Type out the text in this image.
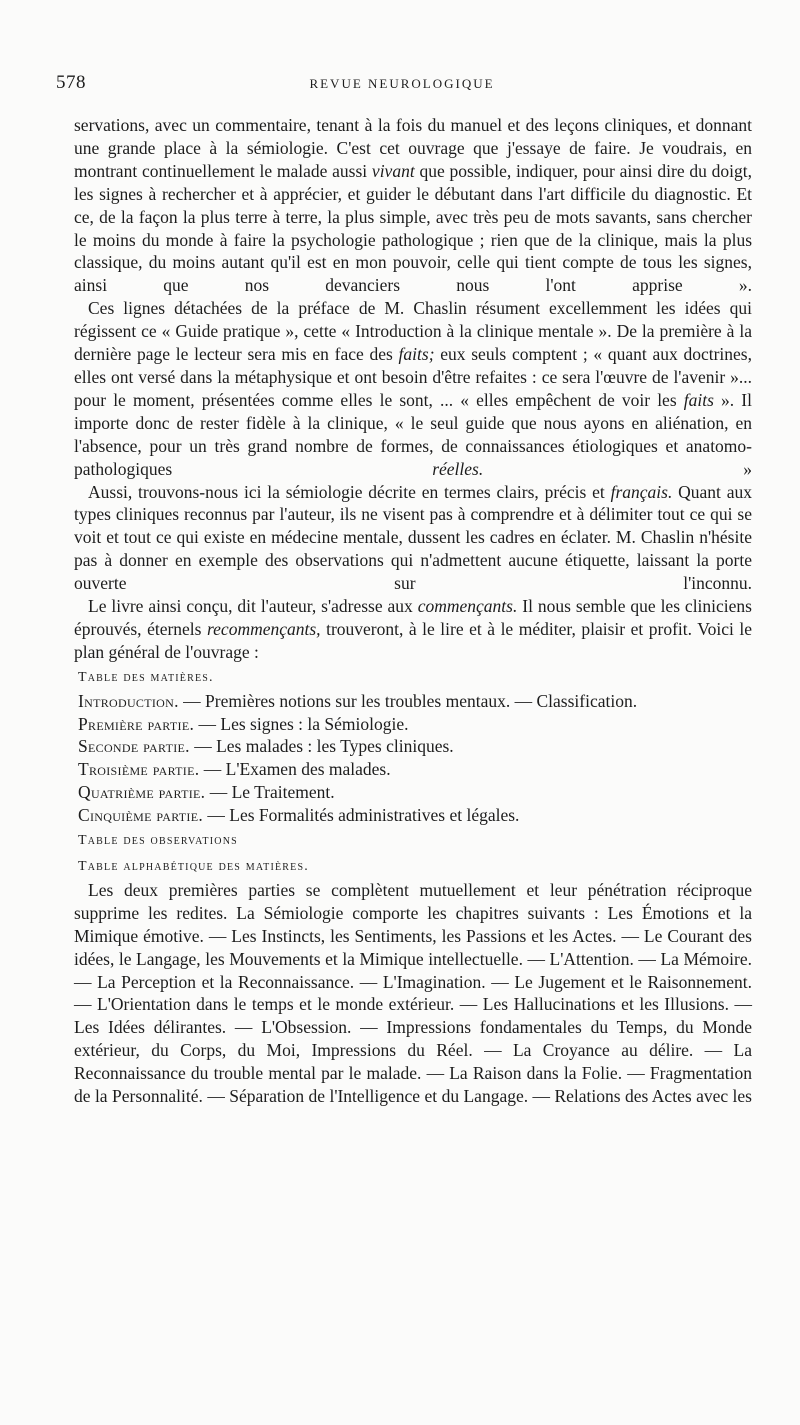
578	REVUE NEUROLOGIQUE

servations, avec un commentaire, tenant à la fois du manuel et des leçons cliniques, et donnant une grande place à la sémiologie. C'est cet ouvrage que j'essaye de faire. Je voudrais, en montrant continuellement le malade aussi vivant que possible, indiquer, pour ainsi dire du doigt, les signes à rechercher et à apprécier, et guider le débutant dans l'art difficile du diagnostic. Et ce, de la façon la plus terre à terre, la plus simple, avec très peu de mots savants, sans chercher le moins du monde à faire la psychologie pathologique ; rien que de la clinique, mais la plus classique, du moins autant qu'il est en mon pouvoir, celle qui tient compte de tous les signes, ainsi que nos devanciers nous l'ont apprise ».

Ces lignes détachées de la préface de M. Chaslin résument excellemment les idées qui régissent ce « Guide pratique », cette « Introduction à la clinique mentale ». De la première à la dernière page le lecteur sera mis en face des faits; eux seuls comptent ; « quant aux doctrines, elles ont versé dans la métaphysique et ont besoin d'être refaites : ce sera l'œuvre de l'avenir »... pour le moment, présentées comme elles le sont, ... « elles empêchent de voir les faits ». Il importe donc de rester fidèle à la clinique, « le seul guide que nous ayons en aliénation, en l'absence, pour un très grand nombre de formes, de connaissances étiologiques et anatomo-pathologiques réelles. »

Aussi, trouvons-nous ici la sémiologie décrite en termes clairs, précis et français. Quant aux types cliniques reconnus par l'auteur, ils ne visent pas à comprendre et à délimiter tout ce qui se voit et tout ce qui existe en médecine mentale, dussent les cadres en éclater. M. Chaslin n'hésite pas à donner en exemple des observations qui n'admettent aucune étiquette, laissant la porte ouverte sur l'inconnu.

Le livre ainsi conçu, dit l'auteur, s'adresse aux commençants. Il nous semble que les cliniciens éprouvés, éternels recommençants, trouveront, à le lire et à le méditer, plaisir et profit. Voici le plan général de l'ouvrage :

Table des matières.

Introduction. — Premières notions sur les troubles mentaux. — Classification.

Première partie. — Les signes : la Sémiologie.

Seconde partie. — Les malades : les Types cliniques.

Troisième partie. — L'Examen des malades.

Quatrième partie. — Le Traitement.

Cinquième partie. — Les Formalités administratives et légales.

Table des observations

Table alphabétique des matières.

Les deux premières parties se complètent mutuellement et leur pénétration réciproque supprime les redites. La Sémiologie comporte les chapitres suivants : Les Émotions et la Mimique émotive. — Les Instincts, les Sentiments, les Passions et les Actes. — Le Courant des idées, le Langage, les Mouvements et la Mimique intellectuelle. — L'Attention. — La Mémoire. — La Perception et la Reconnaissance. — L'Imagination. — Le Jugement et le Raisonnement. — L'Orientation dans le temps et le monde extérieur. — Les Hallucinations et les Illusions. — Les Idées délirantes. — L'Obsession. — Impressions fondamentales du Temps, du Monde extérieur, du Corps, du Moi, Impressions du Réel. — La Croyance au délire. — La Reconnaissance du trouble mental par le malade. — La Raison dans la Folie. — Fragmentation de la Personnalité. — Séparation de l'Intelligence et du Langage. — Relations des Actes avec les
